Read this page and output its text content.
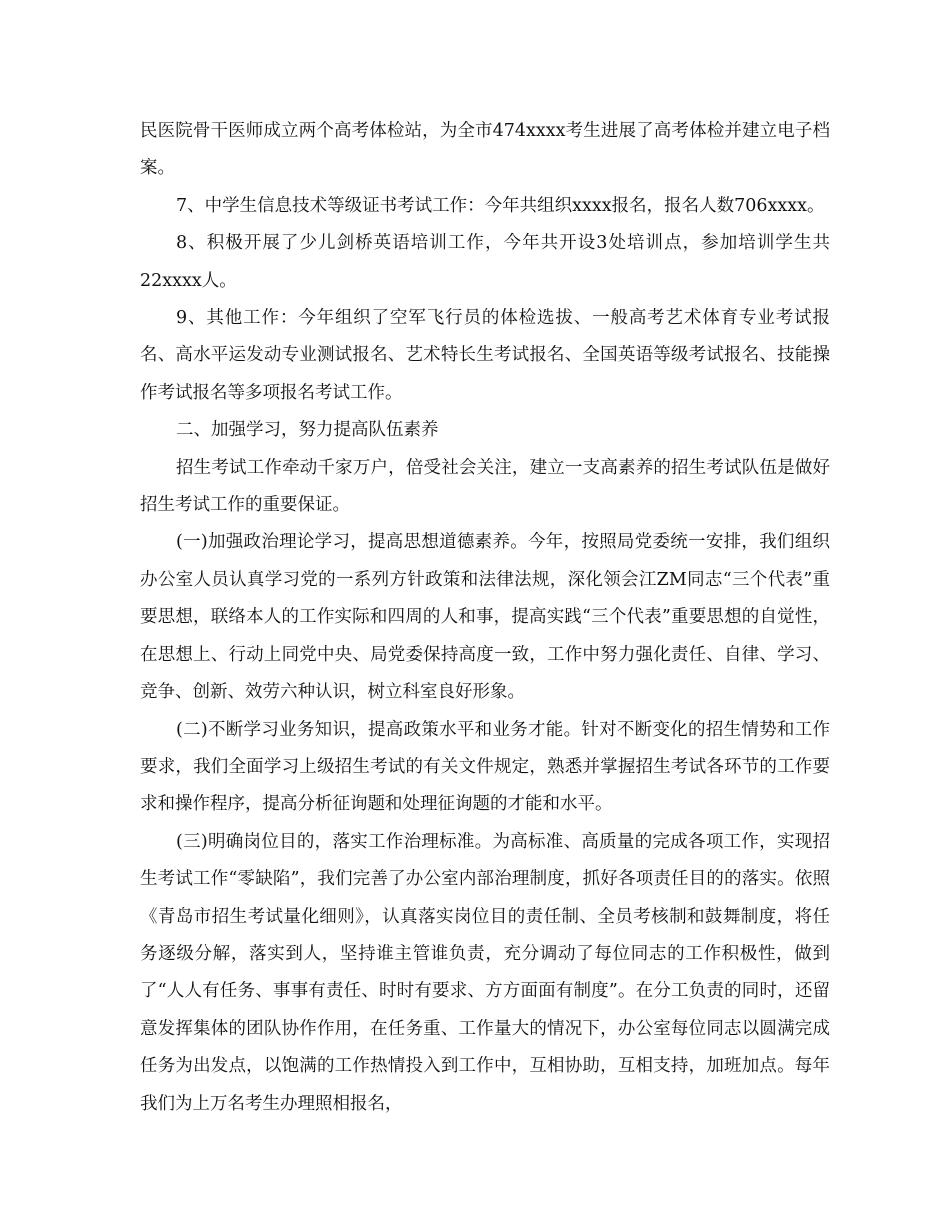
民医院骨干医师成立两个高考体检站，为全市474xxxx考生进展了高考体检并建立电子档案。

7、中学生信息技术等级证书考试工作：今年共组织xxxx报名，报名人数706xxxx。

8、积极开展了少儿剑桥英语培训工作，今年共开设3处培训点，参加培训学生共22xxxx人。

9、其他工作：今年组织了空军飞行员的体检选拔、一般高考艺术体育专业考试报名、高水平运发动专业测试报名、艺术特长生考试报名、全国英语等级考试报名、技能操作考试报名等多项报名考试工作。

二、加强学习，努力提高队伍素养

招生考试工作牵动千家万户，倍受社会关注，建立一支高素养的招生考试队伍是做好招生考试工作的重要保证。

(一)加强政治理论学习，提高思想道德素养。今年，按照局党委统一安排，我们组织办公室人员认真学习党的一系列方针政策和法律法规，深化领会江ZM同志“三个代表”重要思想，联络本人的工作实际和四周的人和事，提高实践“三个代表”重要思想的自觉性，在思想上、行动上同党中央、局党委保持高度一致，工作中努力强化责任、自律、学习、竞争、创新、效劳六种认识，树立科室良好形象。

(二)不断学习业务知识，提高政策水平和业务才能。针对不断变化的招生情势和工作要求，我们全面学习上级招生考试的有关文件规定，熟悉并掌握招生考试各环节的工作要求和操作程序，提高分析征询题和处理征询题的才能和水平。

(三)明确岗位目的，落实工作治理标准。为高标准、高质量的完成各项工作，实现招生考试工作“零缺陷”，我们完善了办公室内部治理制度，抓好各项责任目的的落实。依照《青岛市招生考试量化细则》，认真落实岗位目的责任制、全员考核制和鼓舞制度，将任务逐级分解，落实到人，坚持谁主管谁负责，充分调动了每位同志的工作积极性，做到了“人人有任务、事事有责任、时时有要求、方方面面有制度”。在分工负责的同时，还留意发挥集体的团队协作作用，在任务重、工作量大的情况下，办公室每位同志以圆满完成任务为出发点，以饱满的工作热情投入到工作中，互相协助，互相支持，加班加点。每年我们为上万名考生办理照相报名，
